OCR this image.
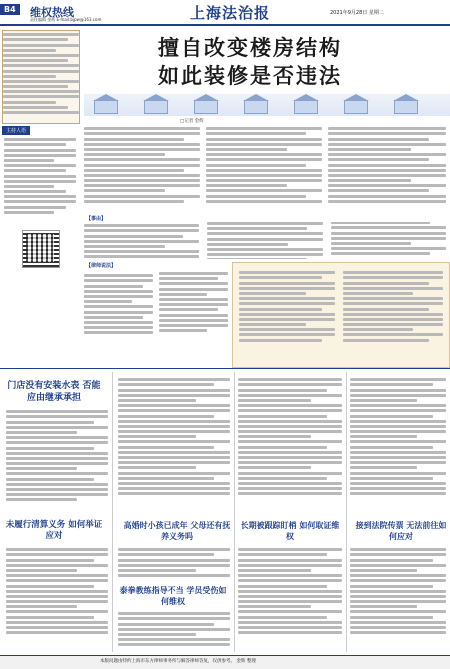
B4	维权热线
责任编辑 金辉 E-mail:bjpw@163.com	上海法治报	2021年9月28日 星期二
主持人语
擅自改变楼房结构
如此装修是否违法
□记者 金辉
【事由】
【律师说法】
门店没有安装水表 否能应由继承承担
未履行清算义务 如何举证应对
高婚时小孩已成年 父母还有抚养义务吗
长期被跟踪盯梢 如何取证维权
接到法院传票 无法前往如何应对
泰拳教练指导不当 学员受伤如何维权
本版问题由特约上海市东方律师事务所与解答律师答复，仅供参考。 金辉 整理
